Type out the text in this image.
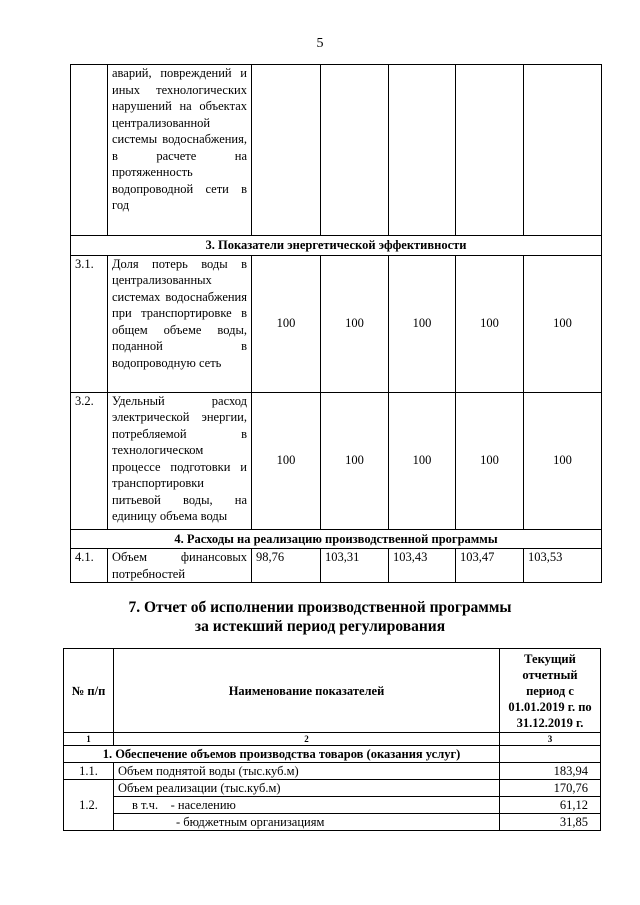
5
	аварий, повреждений и иных технологических нарушений на объектах централизованной системы водоснабжения, в расчете на протяженность водопроводной сети в год					
3. Показатели энергетической эффективности						
3.1.	Доля потерь воды в централизованных системах водоснабжения при транспортировке в общем объеме воды, поданной в водопроводную сеть	100	100	100	100	100
3.2.	Удельный расход электрической энергии, потребляемой в технологическом процессе подготовки и транспортировки питьевой воды, на единицу объема воды	100	100	100	100	100
4. Расходы на реализацию производственной программы						
4.1.	Объем финансовых потребностей	98,76	103,31	103,43	103,47	103,53
7. Отчет об исполнении производственной программы
за истекший период регулирования
№ п/п	Наименование показателей	Текущий отчетный период с 01.01.2019 г. по 31.12.2019 г.
1	2	3
1. Обеспечение объемов производства товаров (оказания услуг)		
1.1.	Объем поднятой воды (тыс.куб.м)	183,94
1.2.	Объем реализации (тыс.куб.м)	170,76
	в т.ч.    - населению	61,12
	- бюджетным организациям	31,85
